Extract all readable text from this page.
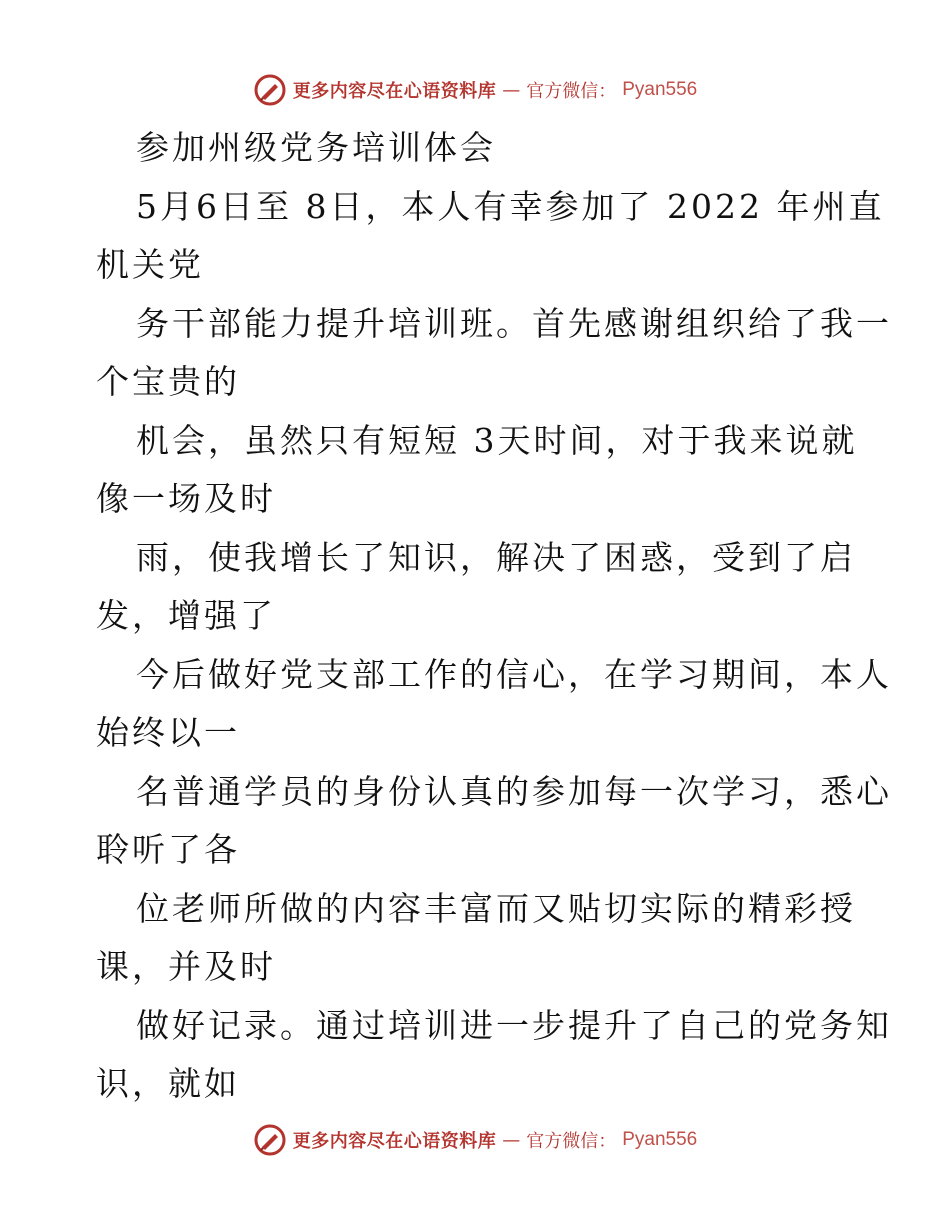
更多内容尽在心语资料库 — 官方微信： Pyan556
参加州级党务培训体会
5月6日至 8日，本人有幸参加了 2022 年州直
机关党
务干部能力提升培训班。首先感谢组织给了我一
个宝贵的
机会，虽然只有短短 3天时间，对于我来说就
像一场及时
雨，使我增长了知识，解决了困惑，受到了启
发，增强了
今后做好党支部工作的信心，在学习期间，本人
始终以一
名普通学员的身份认真的参加每一次学习，悉心
聆听了各
位老师所做的内容丰富而又贴切实际的精彩授
课，并及时
做好记录。通过培训进一步提升了自己的党务知
识，就如
更多内容尽在心语资料库 — 官方微信： Pyan556
